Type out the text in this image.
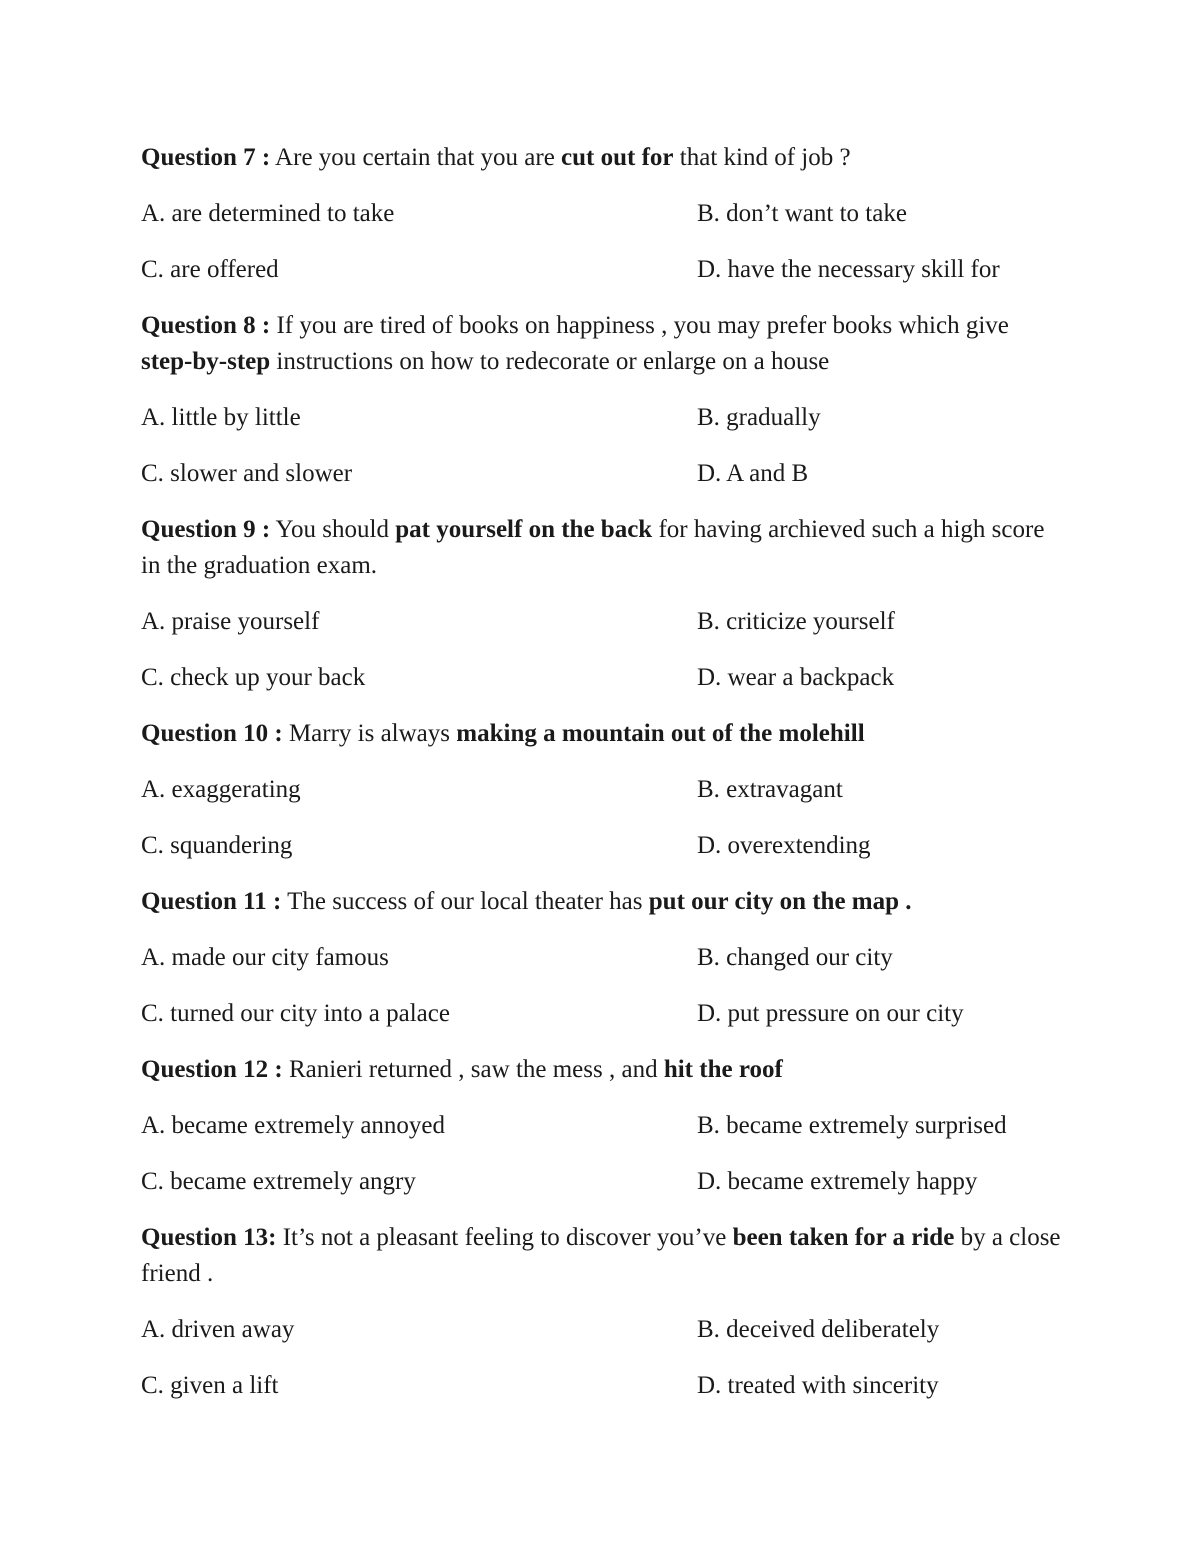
Question 7 : Are you certain that you are cut out for that kind of job ?
A. are determined to take	B. don’t want to take
C. are offered	D. have the necessary skill for
Question 8 : If you are tired of books on happiness , you may prefer books which give step-by-step instructions on how to redecorate or enlarge on a house
A. little by little	B. gradually
C. slower and slower	D. A and B
Question 9 : You should pat yourself on the back for having archieved such a high score in the graduation exam.
A. praise yourself	B. criticize yourself
C. check up your back	D. wear a backpack
Question 10 : Marry is always making a mountain out of the molehill
A. exaggerating	B. extravagant
C. squandering	D. overextending
Question 11 : The success of our local theater has put our city on the map .
A. made our city famous	B. changed our city
C. turned our city into a palace	D. put pressure on our city
Question 12 : Ranieri returned , saw the mess , and hit the roof
A. became extremely annoyed	B. became extremely surprised
C. became extremely angry	D. became extremely happy
Question 13: It’s not a pleasant feeling to discover you’ve been taken for a ride by a close friend .
A. driven away	B. deceived deliberately
C. given a lift	D. treated with sincerity
